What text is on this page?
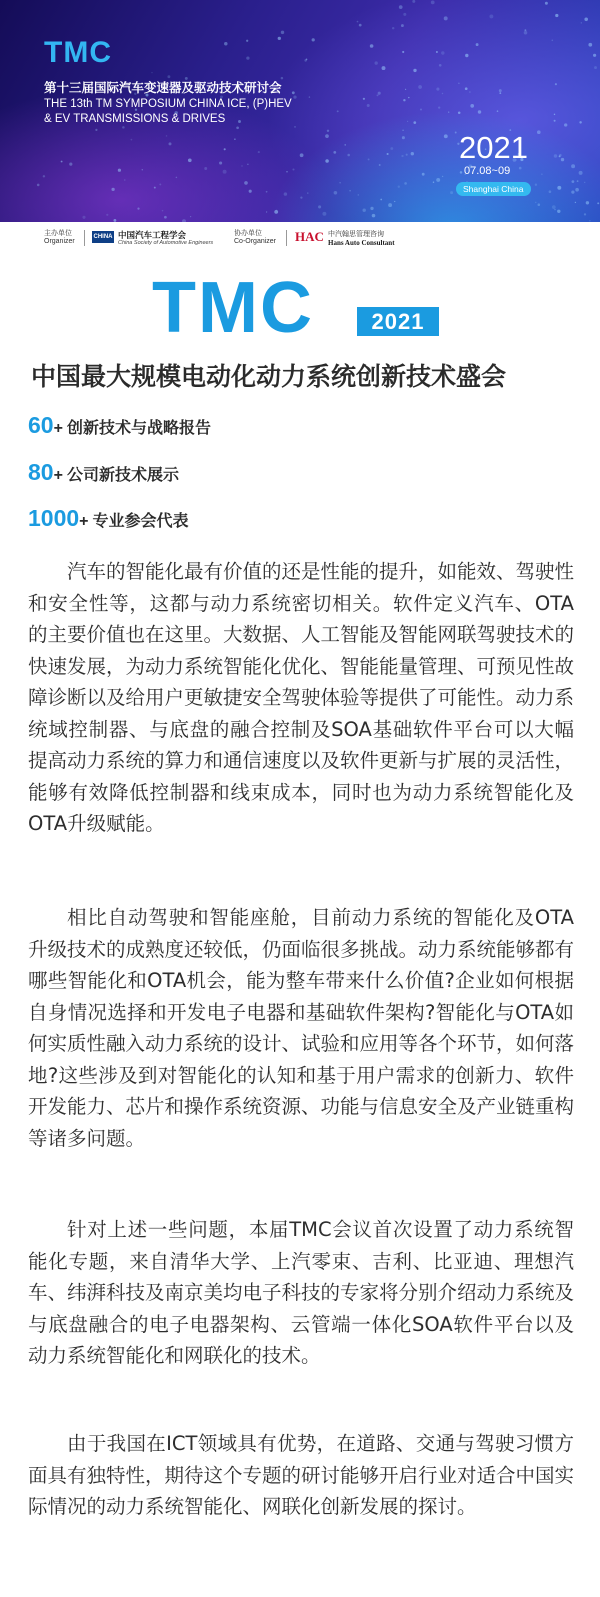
TMC
第十三届国际汽车变速器及驱动技术研讨会
THE 13th TM SYMPOSIUM CHINA ICE, (P)HEV
& EV TRANSMISSIONS & DRIVES
2021
07.08~09
Shanghai China
主办单位
Organizer
CHINA SAE
中国汽车工程学会
China Society of Automotive Engineers
协办单位
Co-Organizer HAC 中汽翰思管理咨询
Hans Auto Consultant
TMC	2021
中国最大规模电动化动力系统创新技术盛会
60+ 创新技术与战略报告
80+ 公司新技术展示
1000+ 专业参会代表

汽车的智能化最有价值的还是性能的提升，如能效、驾驶性和安全性等，这都与动力系统密切相关。软件定义汽车、OTA的主要价值也在这里。大数据、人工智能及智能网联驾驶技术的快速发展，为动力系统智能化优化、智能能量管理、可预见性故障诊断以及给用户更敏捷安全驾驶体验等提供了可能性。动力系统域控制器、与底盘的融合控制及SOA基础软件平台可以大幅提高动力系统的算力和通信速度以及软件更新与扩展的灵活性，能够有效降低控制器和线束成本，同时也为动力系统智能化及OTA升级赋能。

相比自动驾驶和智能座舱，目前动力系统的智能化及OTA升级技术的成熟度还较低，仍面临很多挑战。动力系统能够都有哪些智能化和OTA机会，能为整车带来什么价值?企业如何根据自身情况选择和开发电子电器和基础软件架构?智能化与OTA如何实质性融入动力系统的设计、试验和应用等各个环节，如何落地?这些涉及到对智能化的认知和基于用户需求的创新力、软件开发能力、芯片和操作系统资源、功能与信息安全及产业链重构等诸多问题。

针对上述一些问题，本届TMC会议首次设置了动力系统智能化专题，来自清华大学、上汽零束、吉利、比亚迪、理想汽车、纬湃科技及南京美均电子科技的专家将分别介绍动力系统及与底盘融合的电子电器架构、云管端一体化SOA软件平台以及动力系统智能化和网联化的技术。

由于我国在ICT领域具有优势，在道路、交通与驾驶习惯方面具有独特性，期待这个专题的研讨能够开启行业对适合中国实际情况的动力系统智能化、网联化创新发展的探讨。
